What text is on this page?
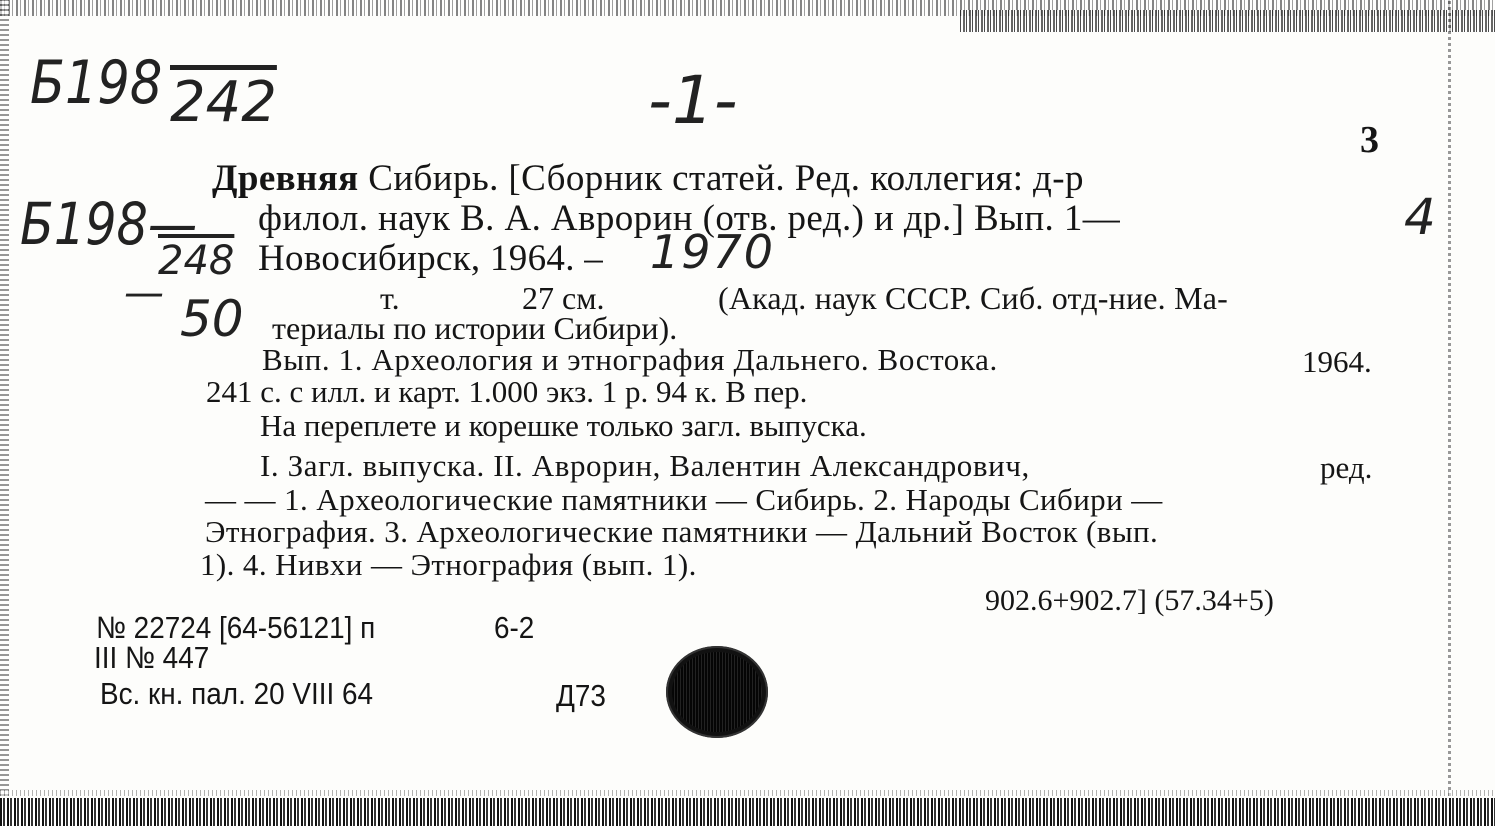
Б198 242	-1-
Б198—
248
— 50
4
1970
3
Древняя Сибирь. [Сборник статей. Ред. коллегия: д-р
филол. наук В. А. Аврорин (отв. ред.) и др.] Вып. 1—
Новосибирск, 1964. –
т.	27 см.	(Акад. наук СССР. Сиб. отд-ние. Ма-
териалы по истории Сибири).
Вып. 1. Археология и этнография Дальнего. Востока.	1964.
241 с. с илл. и карт. 1.000 экз. 1 р. 94 к. В пер.
На переплете и корешке только загл. выпуска.
I. Загл. выпуска. II. Аврорин, Валентин Александрович,	ред.
— — 1. Археологические памятники — Сибирь. 2. Народы Сибири —
Этнография. 3. Археологические памятники — Дальний Восток (вып.
1). 4. Нивхи — Этнография (вып. 1).
902.6+902.7] (57.34+5)
№ 22724 [64-56121] п	6-2
III № 447
Вс. кн. пал. 20 VIII 64	Д73
